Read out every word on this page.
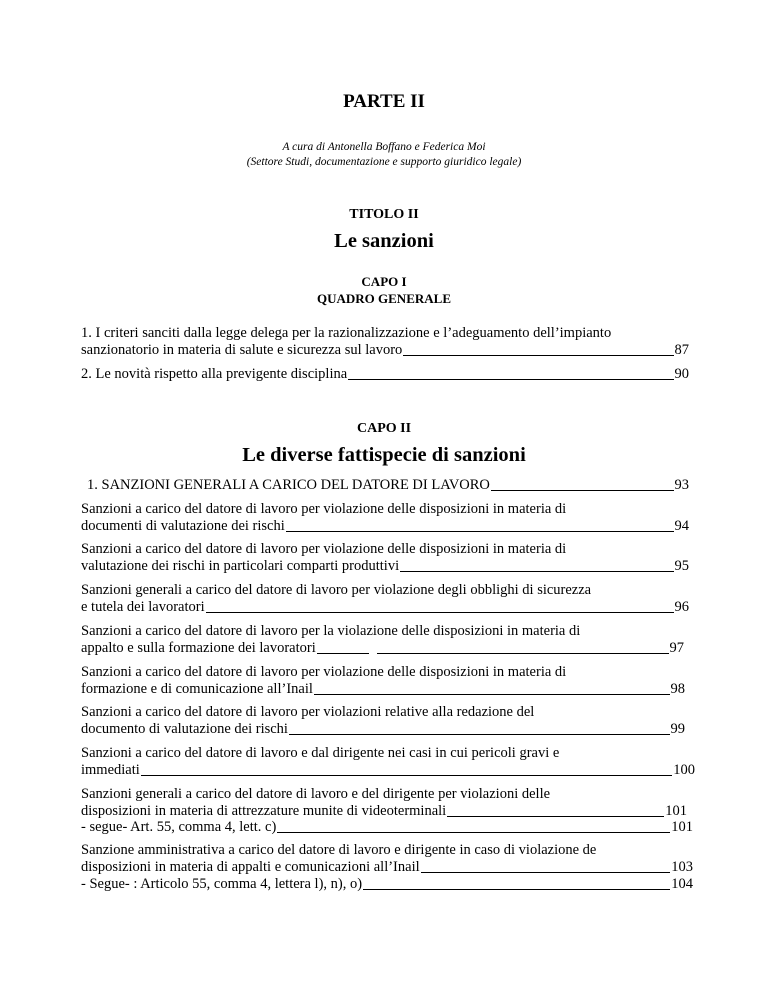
PARTE II
A cura di Antonella Boffano e Federica Moi
(Settore Studi, documentazione e supporto giuridico legale)
TITOLO II
Le sanzioni
CAPO I
QUADRO GENERALE
1. I criteri sanciti dalla legge delega per la razionalizzazione e l’adeguamento dell’impianto
sanzionatorio in materia di salute e sicurezza sul lavoro	87
2. Le novità rispetto alla previgente disciplina	90
CAPO II
Le diverse fattispecie di sanzioni
1. SANZIONI GENERALI A CARICO DEL DATORE DI LAVORO	93
Sanzioni a carico del datore di lavoro per violazione delle disposizioni in materia di
documenti di valutazione dei rischi	94
Sanzioni a carico del datore di lavoro per violazione delle disposizioni in materia di
valutazione dei rischi in particolari comparti produttivi	95
Sanzioni generali a carico del datore di lavoro per violazione degli obblighi di sicurezza
e tutela dei lavoratori	96
Sanzioni a carico del datore di lavoro per la violazione delle disposizioni in materia di
appalto e sulla formazione dei lavoratori	97
Sanzioni a carico del datore di lavoro per violazione delle disposizioni in materia di
formazione e di comunicazione all’Inail	98
Sanzioni a carico del datore di lavoro per violazioni relative alla redazione del
documento di valutazione dei rischi	99
Sanzioni a carico del datore di lavoro e dal dirigente nei casi in cui pericoli gravi e
immediati	100
Sanzioni generali a carico del datore di lavoro e del dirigente per violazioni delle
disposizioni in materia di attrezzature munite di videoterminali	101
- segue- Art. 55, comma 4, lett. c)	101
Sanzione amministrativa a carico del datore di lavoro e dirigente in caso di violazione de
disposizioni in materia di appalti e comunicazioni all’Inail	103
- Segue- : Articolo 55, comma 4, lettera l), n), o)	104
